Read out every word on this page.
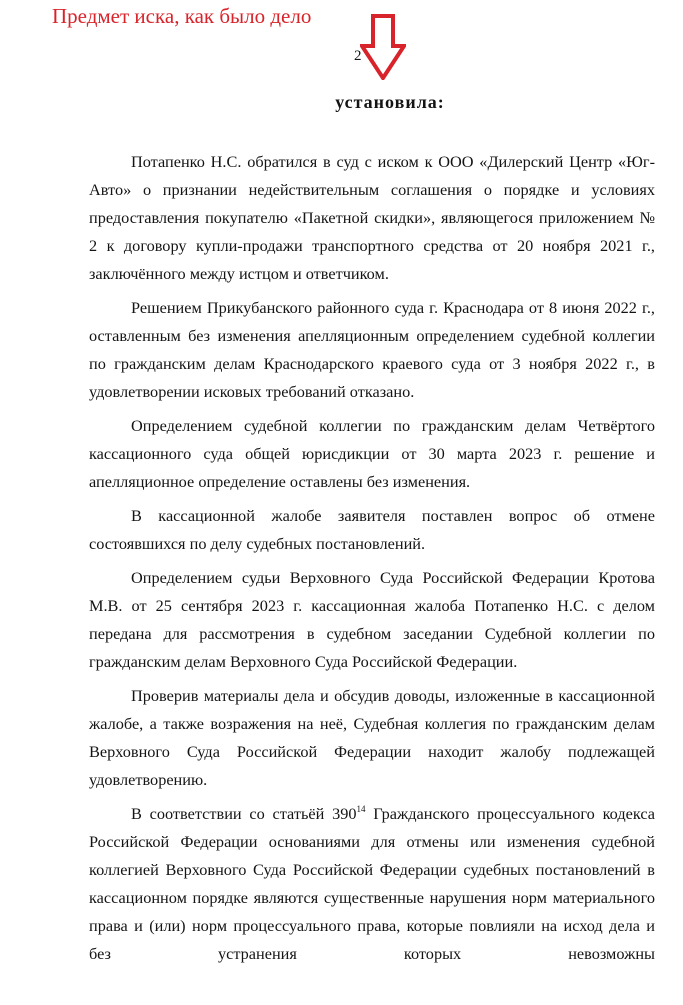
Предмет иска, как было дело
2
установила:

Потапенко Н.С. обратился в суд с иском к ООО «Дилерский Центр «Юг-Авто» о признании недействительным соглашения о порядке и условиях предоставления покупателю «Пакетной скидки», являющегося приложением № 2 к договору купли-продажи транспортного средства от 20 ноября 2021 г., заключённого между истцом и ответчиком.

Решением Прикубанского районного суда г. Краснодара от 8 июня 2022 г., оставленным без изменения апелляционным определением судебной коллегии по гражданским делам Краснодарского краевого суда от 3 ноября 2022 г., в удовлетворении исковых требований отказано.

Определением судебной коллегии по гражданским делам Четвёртого кассационного суда общей юрисдикции от 30 марта 2023 г. решение и апелляционное определение оставлены без изменения.

В кассационной жалобе заявителя поставлен вопрос об отмене состоявшихся по делу судебных постановлений.

Определением судьи Верховного Суда Российской Федерации Кротова М.В. от 25 сентября 2023 г. кассационная жалоба Потапенко Н.С. с делом передана для рассмотрения в судебном заседании Судебной коллегии по гражданским делам Верховного Суда Российской Федерации.

Проверив материалы дела и обсудив доводы, изложенные в кассационной жалобе, а также возражения на неё, Судебная коллегия по гражданским делам Верховного Суда Российской Федерации находит жалобу подлежащей удовлетворению.

В соответствии со статьёй $390^{14}$ Гражданского процессуального кодекса Российской Федерации основаниями для отмены или изменения судебной коллегией Верховного Суда Российской Федерации судебных постановлений в кассационном порядке являются существенные нарушения норм материального права и (или) норм процессуального права, которые повлияли на исход дела и без устранения которых невозможны
